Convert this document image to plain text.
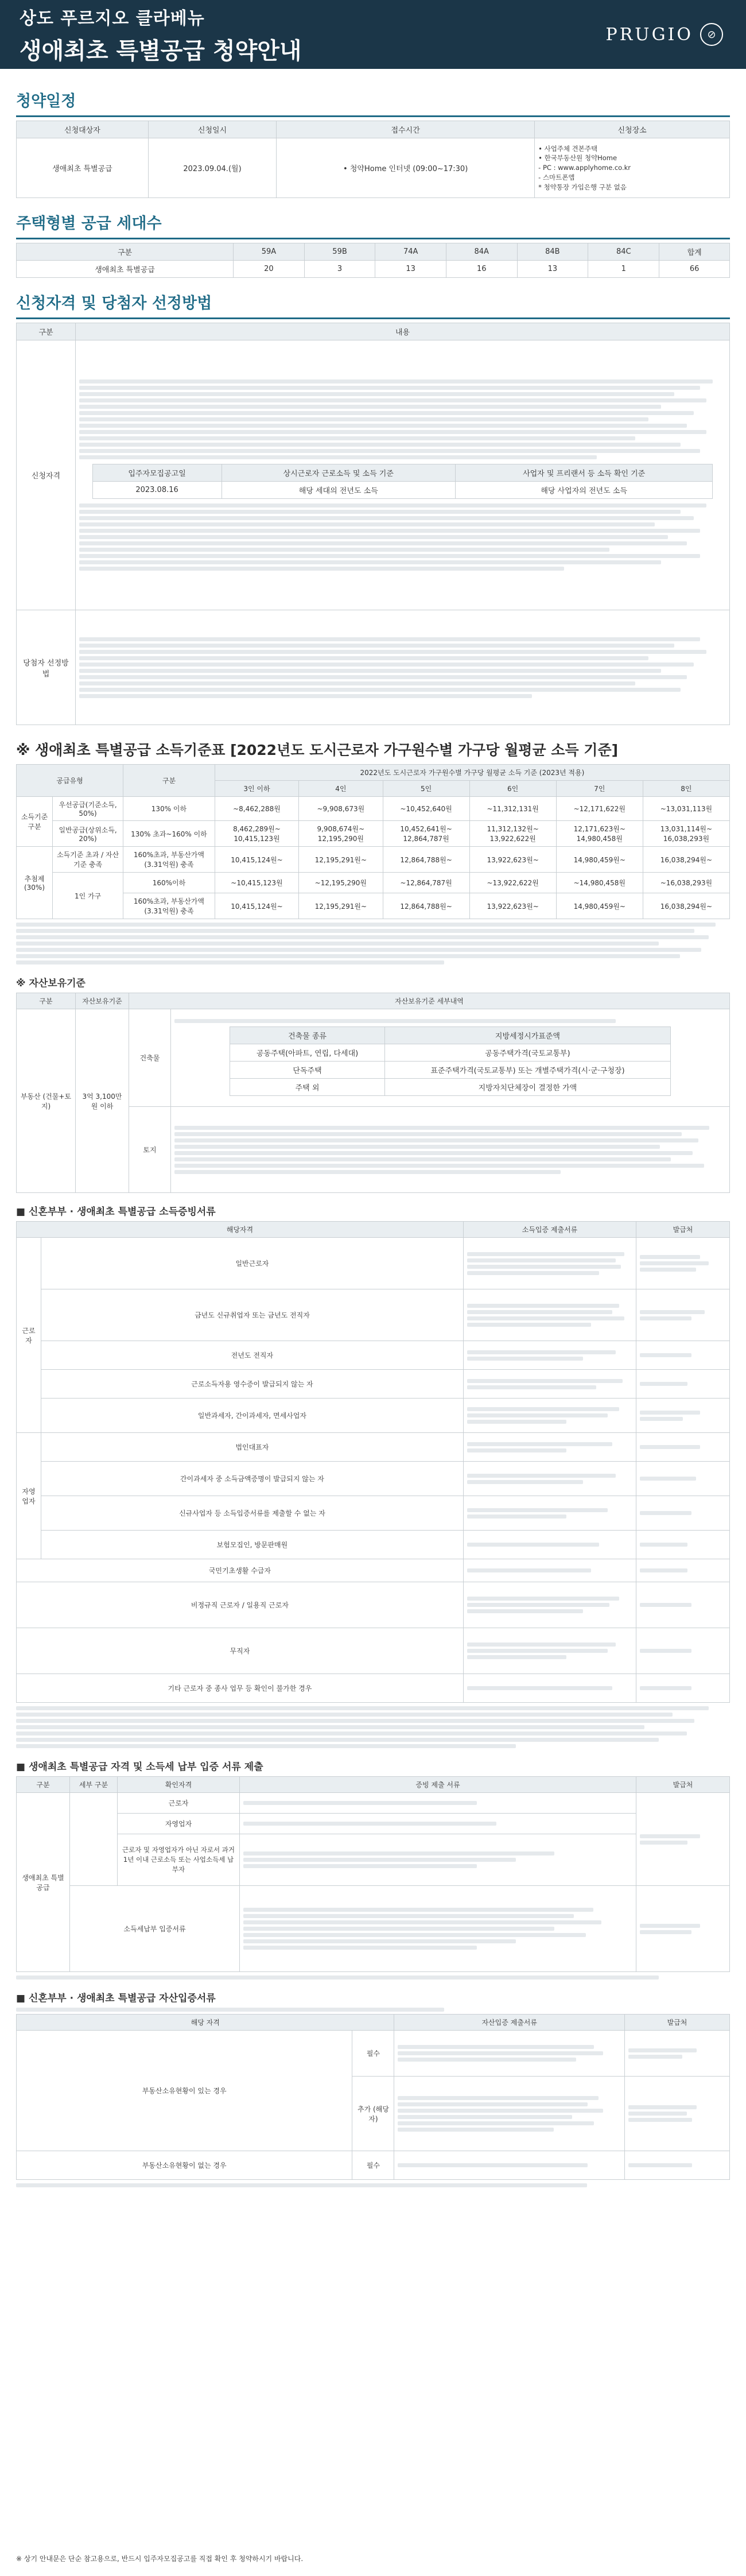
상도 푸르지오 클라베뉴
생애최초 특별공급 청약안내
PRUGIO	⊘
청약일정
신청대상자	신청일시	접수시간	신청장소
생애최초 특별공급	2023.09.04.(월)	• 청약Home 인터넷 (09:00~17:30)	• 사업주체 견본주택
• 한국부동산원 청약Home
- PC : www.applyhome.co.kr
- 스마트폰앱
* 청약통장 가입은행 구분 없음
주택형별 공급 세대수
구분	59A	59B	74A	84A	84B	84C	합계
생애최초 특별공급	20	3	13	16	13	1	66
신청자격 및 당첨자 선정방법
구분	내용
신청자격		입주자모집공고일	상시근로자 근로소득 및 소득 기준	사업자 및 프리랜서 등 소득 확인 기준
2023.08.16	해당 세대의 전년도 소득	해당 사업자의 전년도 소득

당첨자 선정방법	
※ 생애최초 특별공급 소득기준표 [2022년도 도시근로자 가구원수별 가구당 월평균 소득 기준]
공급유형		구분	2022년도 도시근로자 가구원수별 가구당 월평균 소득 기준 (2023년 적용)					
			3인 이하	4인	5인	6인	7인	8인
소득기준 구분	우선공급(기준소득, 50%)	130% 이하	~8,462,288원	~9,908,673원	~10,452,640원	~11,312,131원	~12,171,622원	~13,031,113원
	일반공급(상위소득, 20%)	130% 초과~160% 이하	8,462,289원~ 10,415,123원	9,908,674원~ 12,195,290원	10,452,641원~ 12,864,787원	11,312,132원~ 13,922,622원	12,171,623원~ 14,980,458원	13,031,114원~ 16,038,293원
추첨제 (30%)	소득기준 초과 / 자산기준 충족	160%초과, 부동산가액(3.31억원) 충족	10,415,124원~	12,195,291원~	12,864,788원~	13,922,623원~	14,980,459원~	16,038,294원~
	1인 가구	160%이하	~10,415,123원	~12,195,290원	~12,864,787원	~13,922,622원	~14,980,458원	~16,038,293원
		160%초과, 부동산가액(3.31억원) 충족	10,415,124원~	12,195,291원~	12,864,788원~	13,922,623원~	14,980,459원~	16,038,294원~
※ 자산보유기준
구분	자산보유기준	자산보유기준 세부내역
부동산 (건물+토지)	3억 3,100만원 이하	건축물	
건축물 종류	지방세정시가표준액
공동주택(아파트, 연립, 다세대)	공동주택가격(국토교통부)
단독주택	표준주택가격(국토교통부) 또는 개별주택가격(시·군·구청장)
주택 외	지방자치단체장이 결정한 가액

토지	
■ 신혼부부 · 생애최초 특별공급 소득증빙서류
해당자격		소득입증 제출서류	발급처
근로자	일반근로자	

	금년도 신규취업자 또는 금년도 전직자	

	전년도 전직자	

	근로소득자용 영수증이 발급되지 않는 자	

	일반과세자, 간이과세자, 면세사업자	

자영업자	법인대표자	

	간이과세자 중 소득금액증명이 발급되지 않는 자	

	신규사업자 등 소득입증서류를 제출할 수 없는 자	

	보험모집인, 방문판매원	

국민기초생활 수급자		

비정규직 근로자 / 일용직 근로자		

무직자		

기타 근로자 중 종사 업무 등 확인이 불가한 경우		

■ 생애최초 특별공급 자격 및 소득세 납부 입증 서류 제출
구분	세부 구분	확인자격	증빙 제출 서류	발급처
생애최초 특별공급		근로자	

		자영업자		

		근로자 및 자영업자가 아닌 자로서 과거 1년 이내 근로소득 또는 사업소득세 납부자		

	소득세납부 입증서류		

■ 신혼부부 · 생애최초 특별공급 자산입증서류
해당 자격		자산입증 제출서류	발급처
부동산소유현황이 있는 경우	필수	

	추가 (해당자)	

부동산소유현황이 없는 경우	필수	

※ 상기 안내문은 단순 참고용으로, 반드시 입주자모집공고를 직접 확인 후 청약하시기 바랍니다.
